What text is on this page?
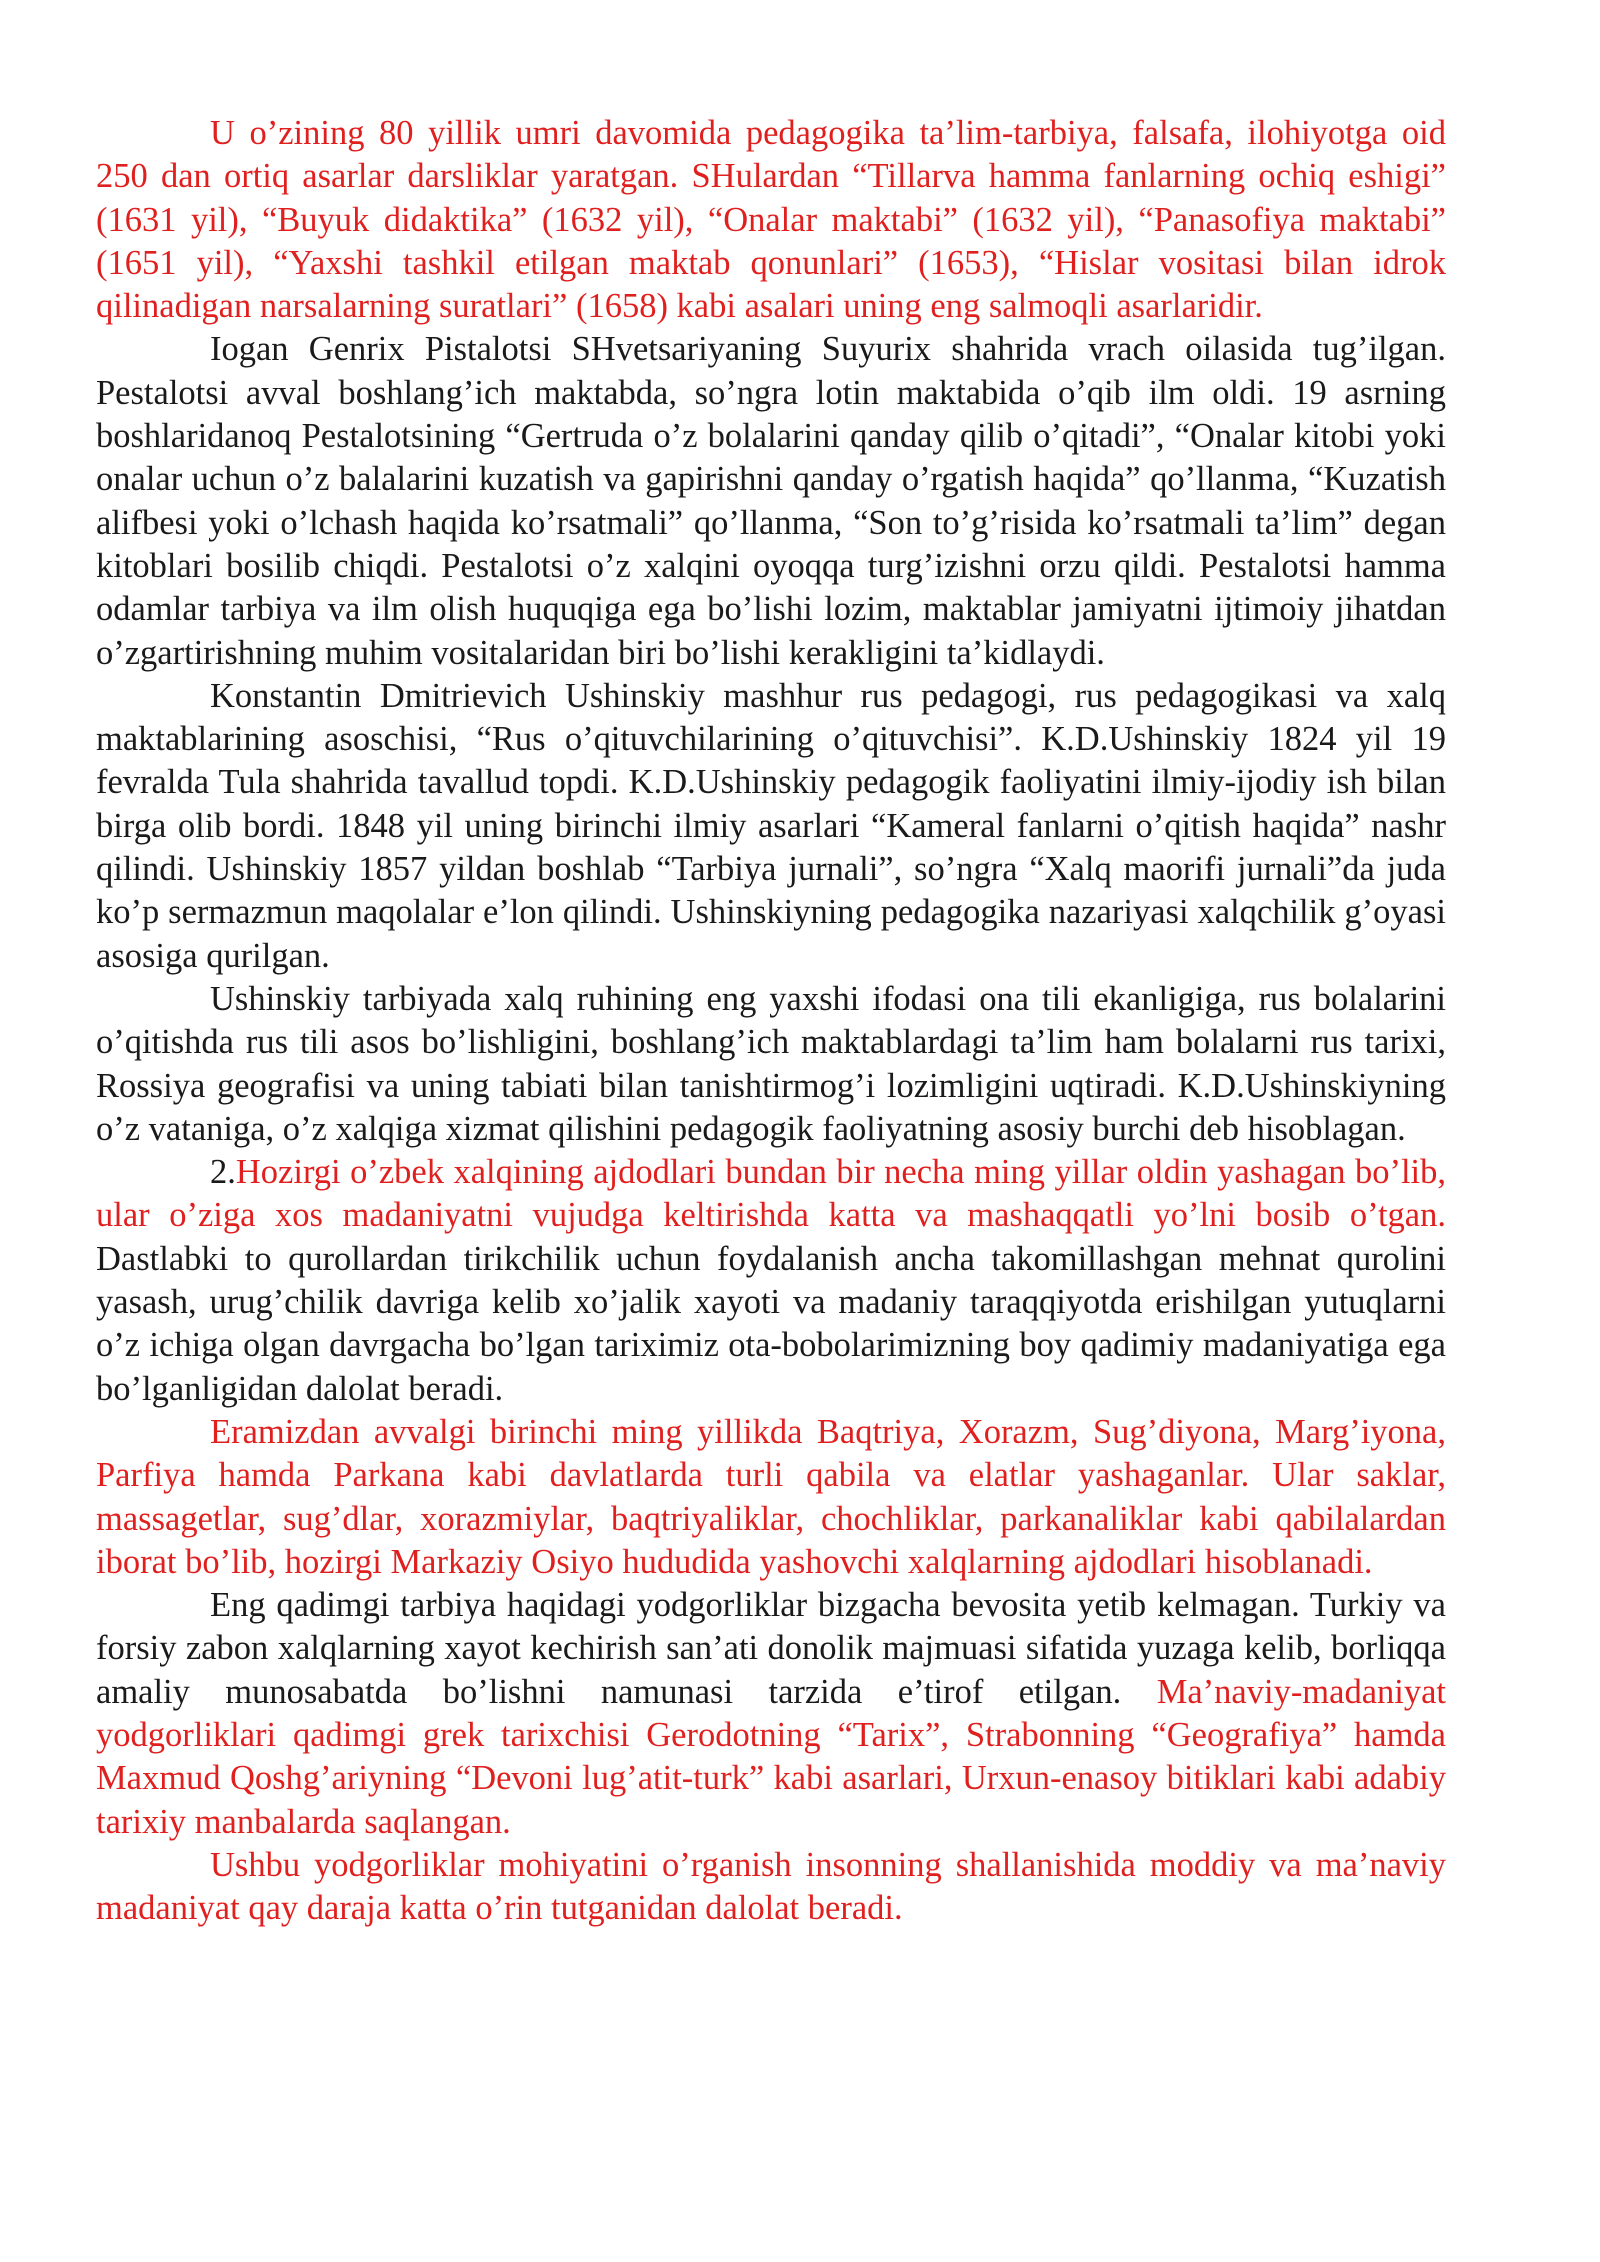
U o’zining 80 yillik umri davomida pedagogika ta’lim-tarbiya, falsafa, ilohiyotga oid 250 dan ortiq asarlar darsliklar yaratgan. SHulardan “Tillarva hamma fanlarning ochiq eshigi” (1631 yil), “Buyuk didaktika” (1632 yil), “Onalar maktabi” (1632 yil), “Panasofiya maktabi” (1651 yil), “Yaxshi tashkil etilgan maktab qonunlari” (1653), “Hislar vositasi bilan idrok qilinadigan narsalarning suratlari” (1658) kabi asalari uning eng salmoqli asarlaridir.

Iogan Genrix Pistalotsi SHvetsariyaning Suyurix shahrida vrach oilasida tug’ilgan. Pestalotsi avval boshlang’ich maktabda, so’ngra lotin maktabida o’qib ilm oldi. 19 asrning boshlaridanoq Pestalotsining “Gertruda o’z bolalarini qanday qilib o’qitadi”, “Onalar kitobi yoki onalar uchun o’z balalarini kuzatish va gapirishni qanday o’rgatish haqida” qo’llanma, “Kuzatish alifbesi yoki o’lchash haqida ko’rsatmali” qo’llanma, “Son to’g’risida ko’rsatmali ta’lim” degan kitoblari bosilib chiqdi. Pestalotsi o’z xalqini oyoqqa turg’izishni orzu qildi. Pestalotsi hamma odamlar tarbiya va ilm olish huquqiga ega bo’lishi lozim, maktablar jamiyatni ijtimoiy jihatdan o’zgartirishning muhim vositalaridan biri bo’lishi kerakligini ta’kidlaydi.

Konstantin Dmitrievich Ushinskiy mashhur rus pedagogi, rus pedagogikasi va xalq maktablarining asoschisi, “Rus o’qituvchilarining o’qituvchisi”. K.D.Ushinskiy 1824 yil 19 fevralda Tula shahrida tavallud topdi. K.D.Ushinskiy pedagogik faoliyatini ilmiy-ijodiy ish bilan birga olib bordi. 1848 yil uning birinchi ilmiy asarlari “Kameral fanlarni o’qitish haqida” nashr qilindi. Ushinskiy 1857 yildan boshlab “Tarbiya jurnali”, so’ngra “Xalq maorifi jurnali”da juda ko’p sermazmun maqolalar e’lon qilindi. Ushinskiyning pedagogika nazariyasi xalqchilik g’oyasi asosiga qurilgan.

Ushinskiy tarbiyada xalq ruhining eng yaxshi ifodasi ona tili ekanligiga, rus bolalarini o’qitishda rus tili asos bo’lishligini, boshlang’ich maktablardagi ta’lim ham bolalarni rus tarixi, Rossiya geografisi va uning tabiati bilan tanishtirmog’i lozimligini uqtiradi. K.D.Ushinskiyning o’z vataniga, o’z xalqiga xizmat qilishini pedagogik faoliyatning asosiy burchi deb hisoblagan.

2.Hozirgi o’zbek xalqining ajdodlari bundan bir necha ming yillar oldin yashagan bo’lib, ular o’ziga xos madaniyatni vujudga keltirishda katta va mashaqqatli yo’lni bosib o’tgan. Dastlabki to qurollardan tirikchilik uchun foydalanish ancha takomillashgan mehnat qurolini yasash, urug’chilik davriga kelib xo’jalik xayoti va madaniy taraqqiyotda erishilgan yutuqlarni o’z ichiga olgan davrgacha bo’lgan tariximiz ota-bobolarimizning boy qadimiy madaniyatiga ega bo’lganligidan dalolat beradi.

Eramizdan avvalgi birinchi ming yillikda Baqtriya, Xorazm, Sug’diyona, Marg’iyona, Parfiya hamda Parkana kabi davlatlarda turli qabila va elatlar yashaganlar. Ular saklar, massagetlar, sug’dlar, xorazmiylar, baqtriyaliklar, chochliklar, parkanaliklar kabi qabilalardan iborat bo’lib, hozirgi Markaziy Osiyo hududida yashovchi xalqlarning ajdodlari hisoblanadi.

Eng qadimgi tarbiya haqidagi yodgorliklar bizgacha bevosita yetib kelmagan. Turkiy va forsiy zabon xalqlarning xayot kechirish san’ati donolik majmuasi sifatida yuzaga kelib, borliqqa amaliy munosabatda bo’lishni namunasi tarzida e’tirof etilgan. Ma’naviy-madaniyat yodgorliklari qadimgi grek tarixchisi Gerodotning “Tarix”, Strabonning “Geografiya” hamda Maxmud Qoshg’ariyning “Devoni lug’atit-turk” kabi asarlari, Urxun-enasoy bitiklari kabi adabiy tarixiy manbalarda saqlangan.

Ushbu yodgorliklar mohiyatini o’rganish insonning shallanishida moddiy va ma’naviy madaniyat qay daraja katta o’rin tutganidan dalolat beradi.
